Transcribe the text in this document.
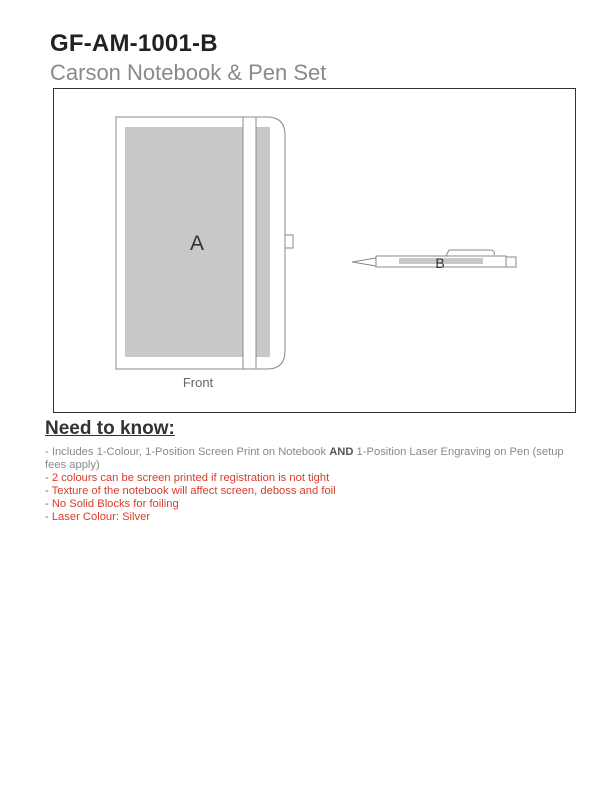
GF-AM-1001-B
Carson Notebook & Pen Set
A
Front
B
Need to know:

- Includes 1-Colour, 1-Position Screen Print on Notebook AND 1-Position Laser Engraving on Pen (setup fees apply)

- 2 colours can be screen printed if registration is not tight

- Texture of the notebook will affect screen, deboss and foil

- No Solid Blocks for foiling

- Laser Colour: Silver
